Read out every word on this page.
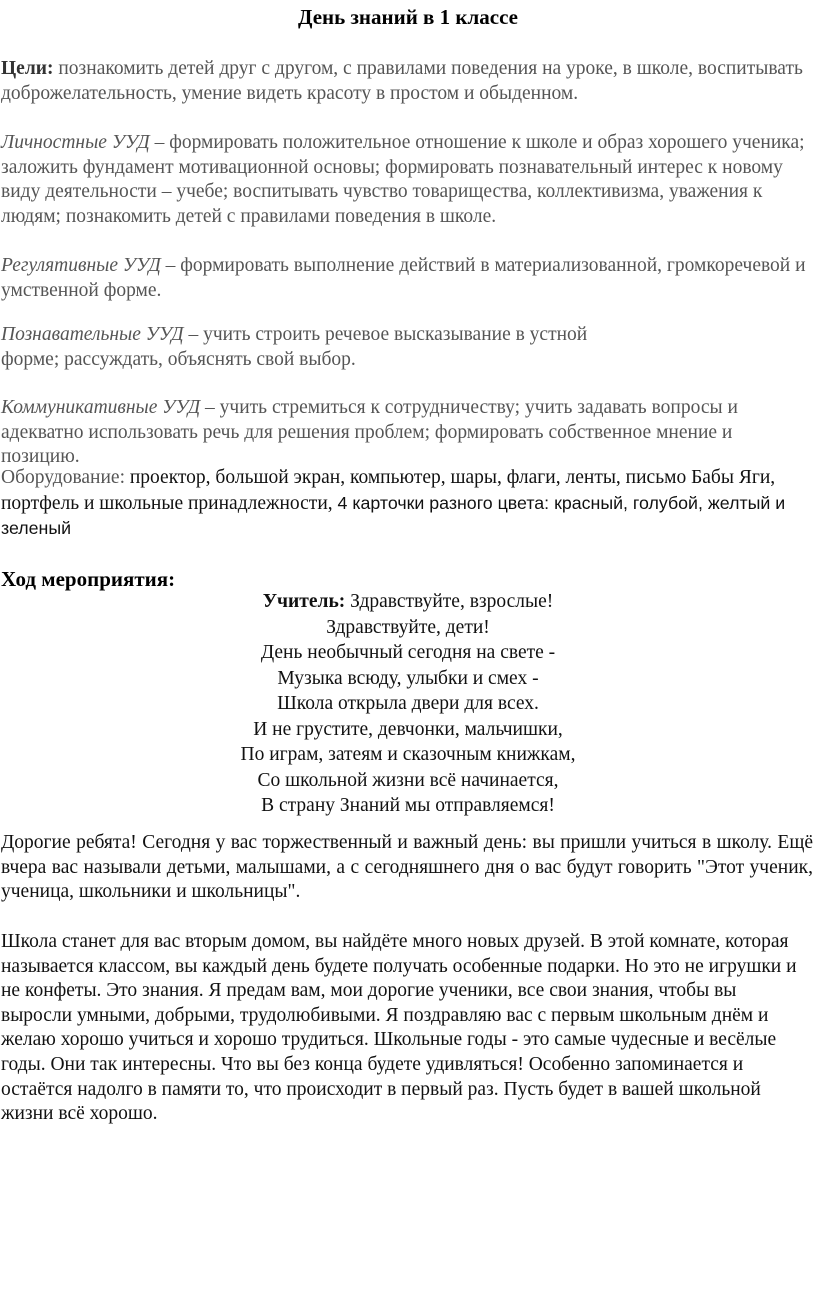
День знаний в 1 классе
Цели: познакомить детей друг с другом, с правилами поведения на уроке, в школе, воспитывать доброжелательность, умение видеть красоту в простом и обыденном.
Личностные УУД – формировать положительное отношение к школе и образ хорошего ученика; заложить фундамент мотивационной основы; формировать познавательный интерес к новому виду деятельности – учебе; воспитывать чувство товарищества, коллективизма, уважения к людям; познакомить детей с правилами поведения в школе.
Регулятивные УУД – формировать выполнение действий в материализованной, громкоречевой и умственной форме.
Познавательные УУД – учить строить речевое высказывание в устной форме; рассуждать, объяснять свой выбор.
Коммуникативные УУД – учить стремиться к сотрудничеству; учить задавать вопросы и адекватно использовать речь для решения проблем; формировать собственное мнение и позицию.
Оборудование: проектор, большой экран, компьютер, шары, флаги, ленты, письмо Бабы Яги, портфель и школьные принадлежности, 4 карточки разного цвета: красный, голубой, желтый и зеленый
Ход мероприятия:
Учитель: Здравствуйте, взрослые!
Здравствуйте, дети!
День необычный сегодня на свете -
Музыка всюду, улыбки и смех -
Школа открыла двери для всех.
И не грустите, девчонки, мальчишки,
По играм, затеям и сказочным книжкам,
Со школьной жизни всё начинается,
В страну Знаний мы отправляемся!
Дорогие ребята! Сегодня у вас торжественный и важный день: вы пришли учиться в школу. Ещё вчера вас называли детьми, малышами, а с сегодняшнего дня о вас будут говорить "Этот ученик, ученица, школьники и школьницы".
Школа станет для вас вторым домом, вы найдёте много новых друзей. В этой комнате, которая называется классом, вы каждый день будете получать особенные подарки. Но это не игрушки и не конфеты. Это знания. Я предам вам, мои дорогие ученики, все свои знания, чтобы вы выросли умными, добрыми, трудолюбивыми. Я поздравляю вас с первым школьным днём и желаю хорошо учиться и хорошо трудиться. Школьные годы - это самые чудесные и весёлые годы. Они так интересны. Что вы без конца будете удивляться! Особенно запоминается и остаётся надолго в памяти то, что происходит в первый раз. Пусть будет в вашей школьной жизни всё хорошо.
